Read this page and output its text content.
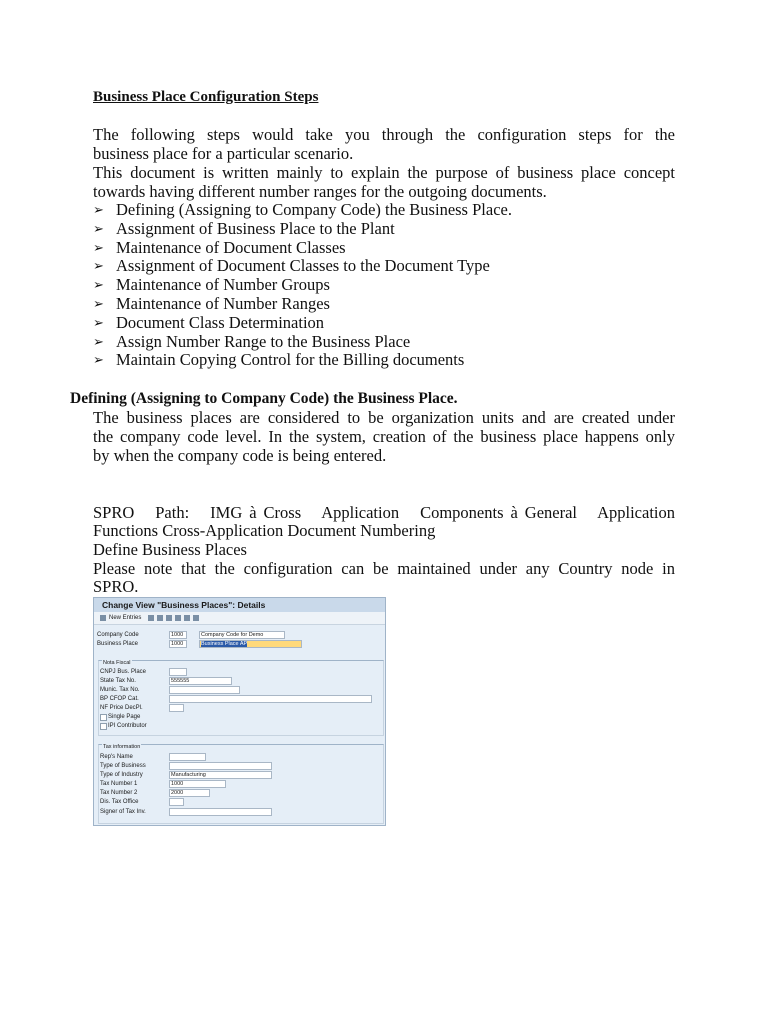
Business Place Configuration Steps
The following steps would take you through the configuration steps for the
business place for a particular scenario.
This document is written mainly to explain the purpose of business place concept
towards having different number ranges for the outgoing documents.
➢ Defining (Assigning to Company Code) the Business Place.
➢ Assignment of Business Place to the Plant
➢ Maintenance of Document Classes
➢ Assignment of Document Classes to the Document Type
➢ Maintenance of Number Groups
➢ Maintenance of Number Ranges
➢ Document Class Determination
➢ Assign Number Range to the Business Place
➢ Maintain Copying Control for the Billing documents
Defining (Assigning to Company Code) the Business Place.
The business places are considered to be organization units and are created under
the company code level. In the system, creation of the business place happens only
by when the company code is being entered.
SPRO   Path:   IMG à Cross   Application   Components à General   Application
Functions Cross-Application Document Numbering
Define Business Places
Please note that the configuration can be maintained under any Country node in
SPRO.
Change View "Business Places": Details
New Entries
Company Code	1000	Company Code for Demo
Business Place	1000	Business Place AP
Nota Fiscal
CNPJ Bus. Place
State Tax No.	555555
Munic. Tax No.
BP CFOP Cat.
NF Price DecPl.
Single Page
IPI Contributor
Tax information
Rep's Name
Type of Business
Type of Industry	Manufacturing
Tax Number 1	1000
Tax Number 2	2000
Dis. Tax Office
Signer of Tax Inv.
